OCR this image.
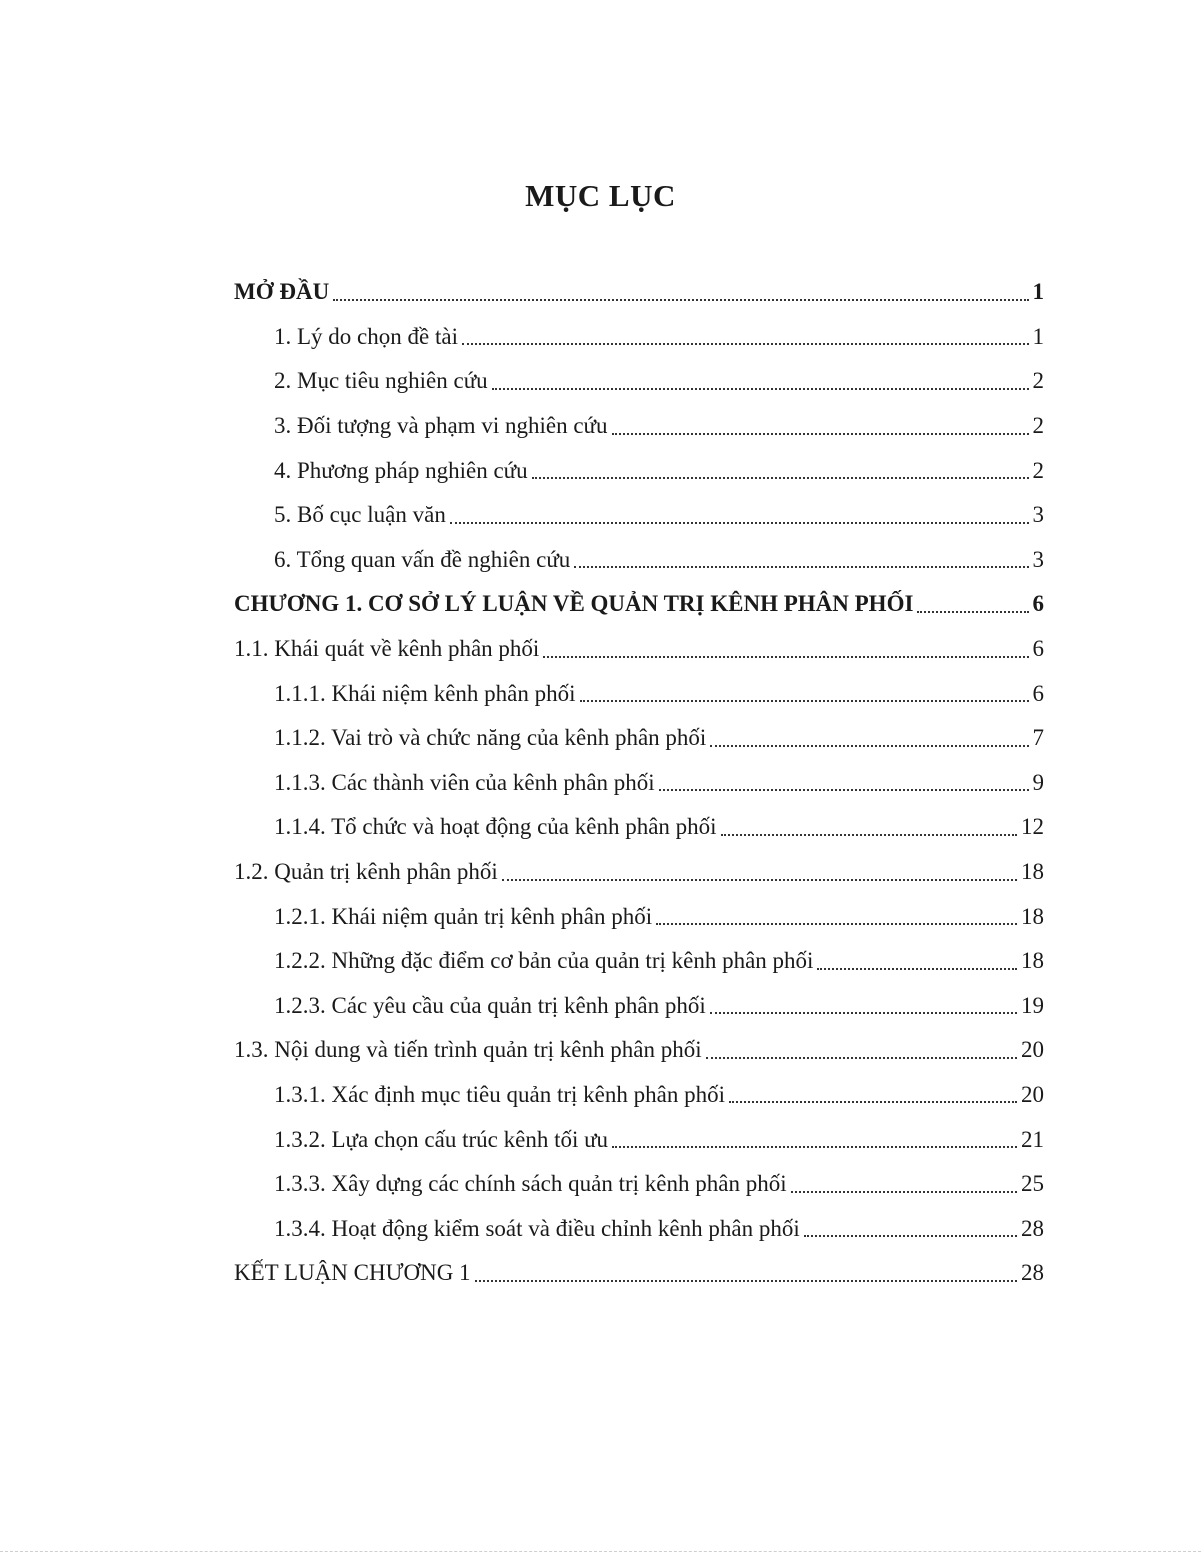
MỤC LỤC
MỞ ĐẦU	1
1. Lý do chọn đề tài	1
2. Mục tiêu nghiên cứu	2
3. Đối tượng và phạm vi nghiên cứu	2
4. Phương pháp nghiên cứu	2
5. Bố cục luận văn	3
6. Tổng quan vấn đề nghiên cứu	3
CHƯƠNG 1. CƠ SỞ LÝ LUẬN VỀ QUẢN TRỊ KÊNH PHÂN PHỐI	6
1.1. Khái quát về kênh phân phối	6
1.1.1. Khái niệm kênh phân phối	6
1.1.2. Vai trò và chức năng của kênh phân phối	7
1.1.3. Các thành viên của kênh phân phối	9
1.1.4. Tổ chức và hoạt động của kênh phân phối	12
1.2. Quản trị kênh phân phối	18
1.2.1. Khái niệm quản trị kênh phân phối	18
1.2.2. Những đặc điểm cơ bản của quản trị kênh phân phối	18
1.2.3. Các yêu cầu của quản trị kênh phân phối	19
1.3. Nội dung và tiến trình quản trị kênh phân phối	20
1.3.1. Xác định mục tiêu quản trị kênh phân phối	20
1.3.2. Lựa chọn cấu trúc kênh tối ưu	21
1.3.3. Xây dựng các chính sách quản trị kênh phân phối	25
1.3.4. Hoạt động kiểm soát và điều chỉnh kênh phân phối	28
KẾT LUẬN CHƯƠNG 1	28
